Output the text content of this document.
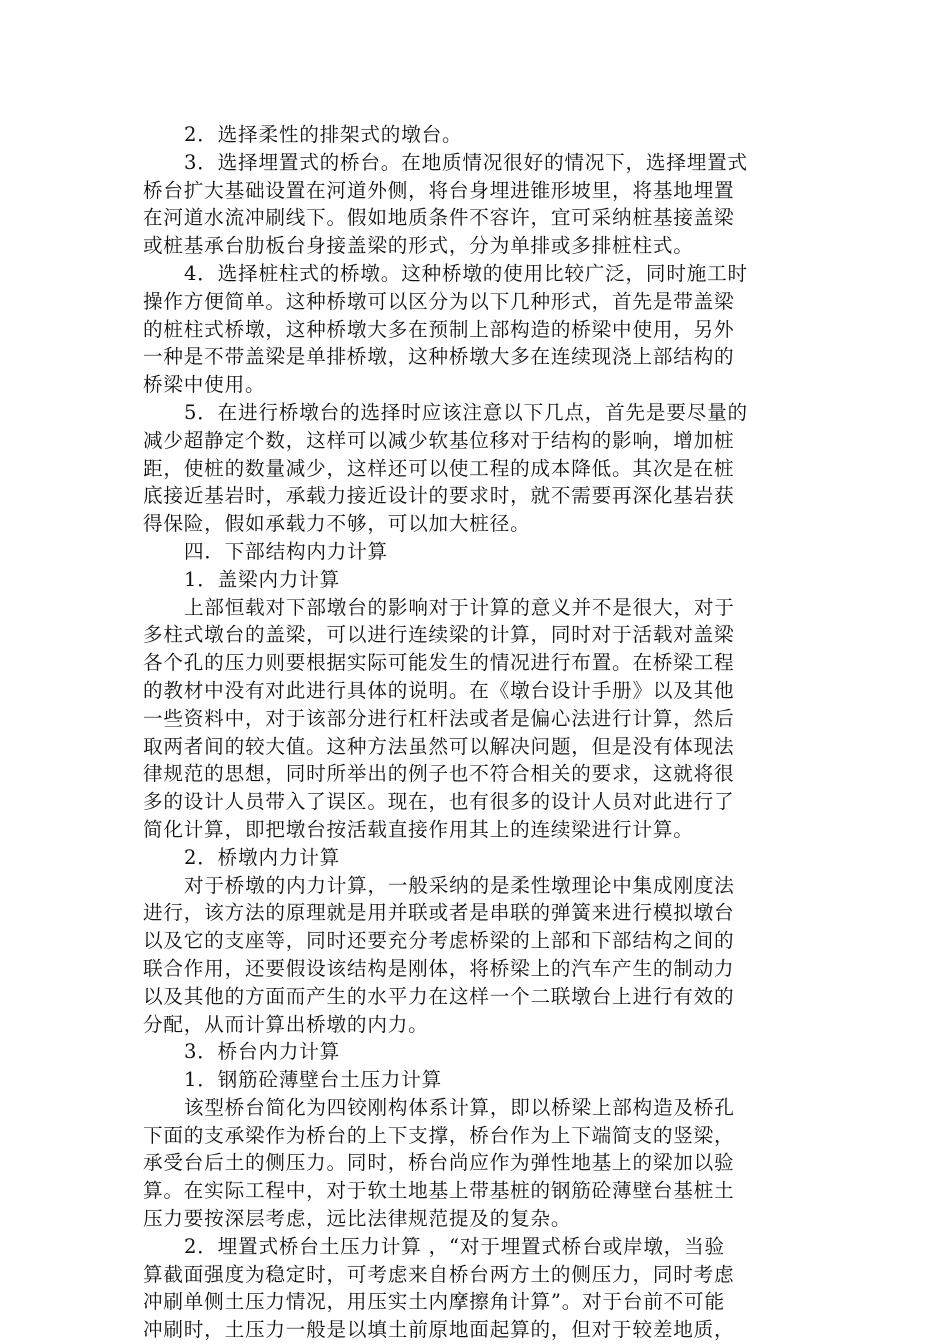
2．选择柔性的排架式的墩台。
3．选择埋置式的桥台。在地质情况很好的情况下，选择埋置式
桥台扩大基础设置在河道外侧，将台身埋进锥形坡里，将基地埋置
在河道水流冲刷线下。假如地质条件不容许，宜可采纳桩基接盖梁
或桩基承台肋板台身接盖梁的形式，分为单排或多排桩柱式。
4．选择桩柱式的桥墩。这种桥墩的使用比较广泛，同时施工时
操作方便简单。这种桥墩可以区分为以下几种形式，首先是带盖梁
的桩柱式桥墩，这种桥墩大多在预制上部构造的桥梁中使用，另外
一种是不带盖梁是单排桥墩，这种桥墩大多在连续现浇上部结构的
桥梁中使用。
5．在进行桥墩台的选择时应该注意以下几点，首先是要尽量的
减少超静定个数，这样可以减少软基位移对于结构的影响，增加桩
距，使桩的数量减少，这样还可以使工程的成本降低。其次是在桩
底接近基岩时，承载力接近设计的要求时，就不需要再深化基岩获
得保险，假如承载力不够，可以加大桩径。
四．下部结构内力计算
1．盖梁内力计算
上部恒载对下部墩台的影响对于计算的意义并不是很大，对于
多柱式墩台的盖梁，可以进行连续梁的计算，同时对于活载对盖梁
各个孔的压力则要根据实际可能发生的情况进行布置。在桥梁工程
的教材中没有对此进行具体的说明。在《墩台设计手册》以及其他
一些资料中，对于该部分进行杠杆法或者是偏心法进行计算，然后
取两者间的较大值。这种方法虽然可以解决问题，但是没有体现法
律规范的思想，同时所举出的例子也不符合相关的要求，这就将很
多的设计人员带入了误区。现在，也有很多的设计人员对此进行了
简化计算，即把墩台按活载直接作用其上的连续梁进行计算。
2．桥墩内力计算
对于桥墩的内力计算，一般采纳的是柔性墩理论中集成刚度法
进行，该方法的原理就是用并联或者是串联的弹簧来进行模拟墩台
以及它的支座等，同时还要充分考虑桥梁的上部和下部结构之间的
联合作用，还要假设该结构是刚体，将桥梁上的汽车产生的制动力
以及其他的方面而产生的水平力在这样一个二联墩台上进行有效的
分配，从而计算出桥墩的内力。
3．桥台内力计算
1．钢筋砼薄壁台土压力计算
该型桥台简化为四铰刚构体系计算，即以桥梁上部构造及桥孔
下面的支承梁作为桥台的上下支撑，桥台作为上下端简支的竖梁，
承受台后土的侧压力。同时，桥台尚应作为弹性地基上的梁加以验
算。在实际工程中，对于软土地基上带基桩的钢筋砼薄壁台基桩土
压力要按深层考虑，远比法律规范提及的复杂。
2．埋置式桥台土压力计算 ，“对于埋置式桥台或岸墩，当验
算截面强度为稳定时，可考虑来自桥台两方土的侧压力，同时考虑
冲刷单侧土压力情况，用压实土内摩擦角计算”。对于台前不可能
冲刷时，土压力一般是以填土前原地面起算的，但对于较差地质，
